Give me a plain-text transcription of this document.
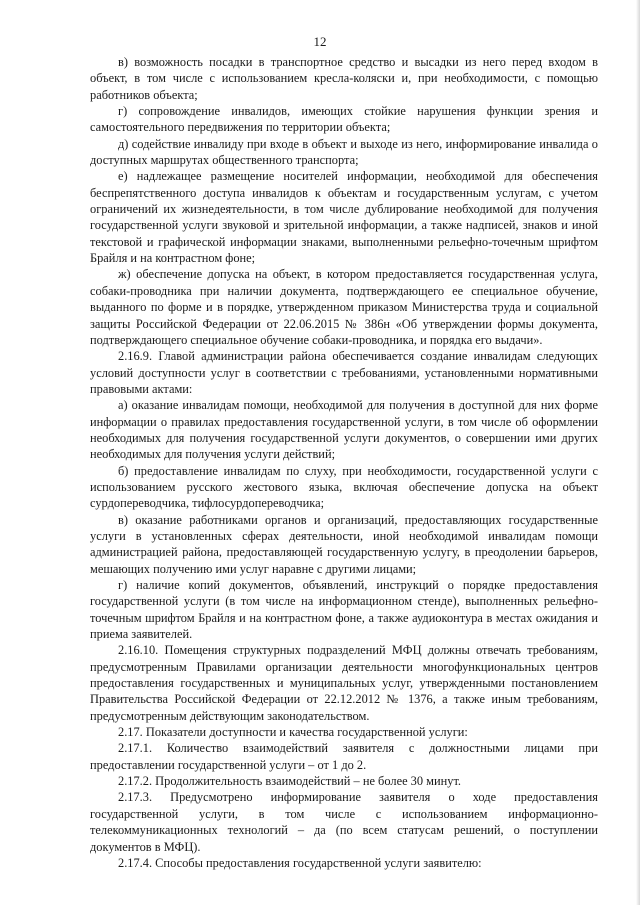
12

в) возможность посадки в транспортное средство и высадки из него перед входом в объект, в том числе с использованием кресла-коляски и, при необходимости, с помощью работников объекта;

г) сопровождение инвалидов, имеющих стойкие нарушения функции зрения и самостоятельного передвижения по территории объекта;

д) содействие инвалиду при входе в объект и выходе из него, информирование инвалида о доступных маршрутах общественного транспорта;

е) надлежащее размещение носителей информации, необходимой для обеспечения беспрепятственного доступа инвалидов к объектам и государственным услугам, с учетом ограничений их жизнедеятельности, в том числе дублирование необходимой для получения государственной услуги звуковой и зрительной информации, а также надписей, знаков и иной текстовой и графической информации знаками, выполненными рельефно-точечным шрифтом Брайля и на контрастном фоне;

ж) обеспечение допуска на объект, в котором предоставляется государственная услуга, собаки-проводника при наличии документа, подтверждающего ее специальное обучение, выданного по форме и в порядке, утвержденном приказом Министерства труда и социальной защиты Российской Федерации от 22.06.2015 № 386н «Об утверждении формы документа, подтверждающего специальное обучение собаки-проводника, и порядка его выдачи».

2.16.9. Главой администрации района обеспечивается создание инвалидам следующих условий доступности услуг в соответствии с требованиями, установленными нормативными правовыми актами:

а) оказание инвалидам помощи, необходимой для получения в доступной для них форме информации о правилах предоставления государственной услуги, в том числе об оформлении необходимых для получения государственной услуги документов, о совершении ими других необходимых для получения услуги действий;

б) предоставление инвалидам по слуху, при необходимости, государственной услуги с использованием русского жестового языка, включая обеспечение допуска на объект сурдопереводчика, тифлосурдопереводчика;

в) оказание работниками органов и организаций, предоставляющих государственные услуги в установленных сферах деятельности, иной необходимой инвалидам помощи администрацией района, предоставляющей государственную услугу, в преодолении барьеров, мешающих получению ими услуг наравне с другими лицами;

г) наличие копий документов, объявлений, инструкций о порядке предоставления государственной услуги (в том числе на информационном стенде), выполненных рельефно-точечным шрифтом Брайля и на контрастном фоне, а также аудиоконтура в местах ожидания и приема заявителей.

2.16.10. Помещения структурных подразделений МФЦ должны отвечать требованиям, предусмотренным Правилами организации деятельности многофункциональных центров предоставления государственных и муниципальных услуг, утвержденными постановлением Правительства Российской Федерации от 22.12.2012 № 1376, а также иным требованиям, предусмотренным действующим законодательством.

2.17. Показатели доступности и качества государственной услуги:

2.17.1. Количество взаимодействий заявителя с должностными лицами при предоставлении государственной услуги – от 1 до 2.

2.17.2. Продолжительность взаимодействий – не более 30 минут.

2.17.3. Предусмотрено информирование заявителя о ходе предоставления государственной услуги, в том числе с использованием информационно-телекоммуникационных технологий – да (по всем статусам решений, о поступлении документов в МФЦ).

2.17.4. Способы предоставления государственной услуги заявителю:
